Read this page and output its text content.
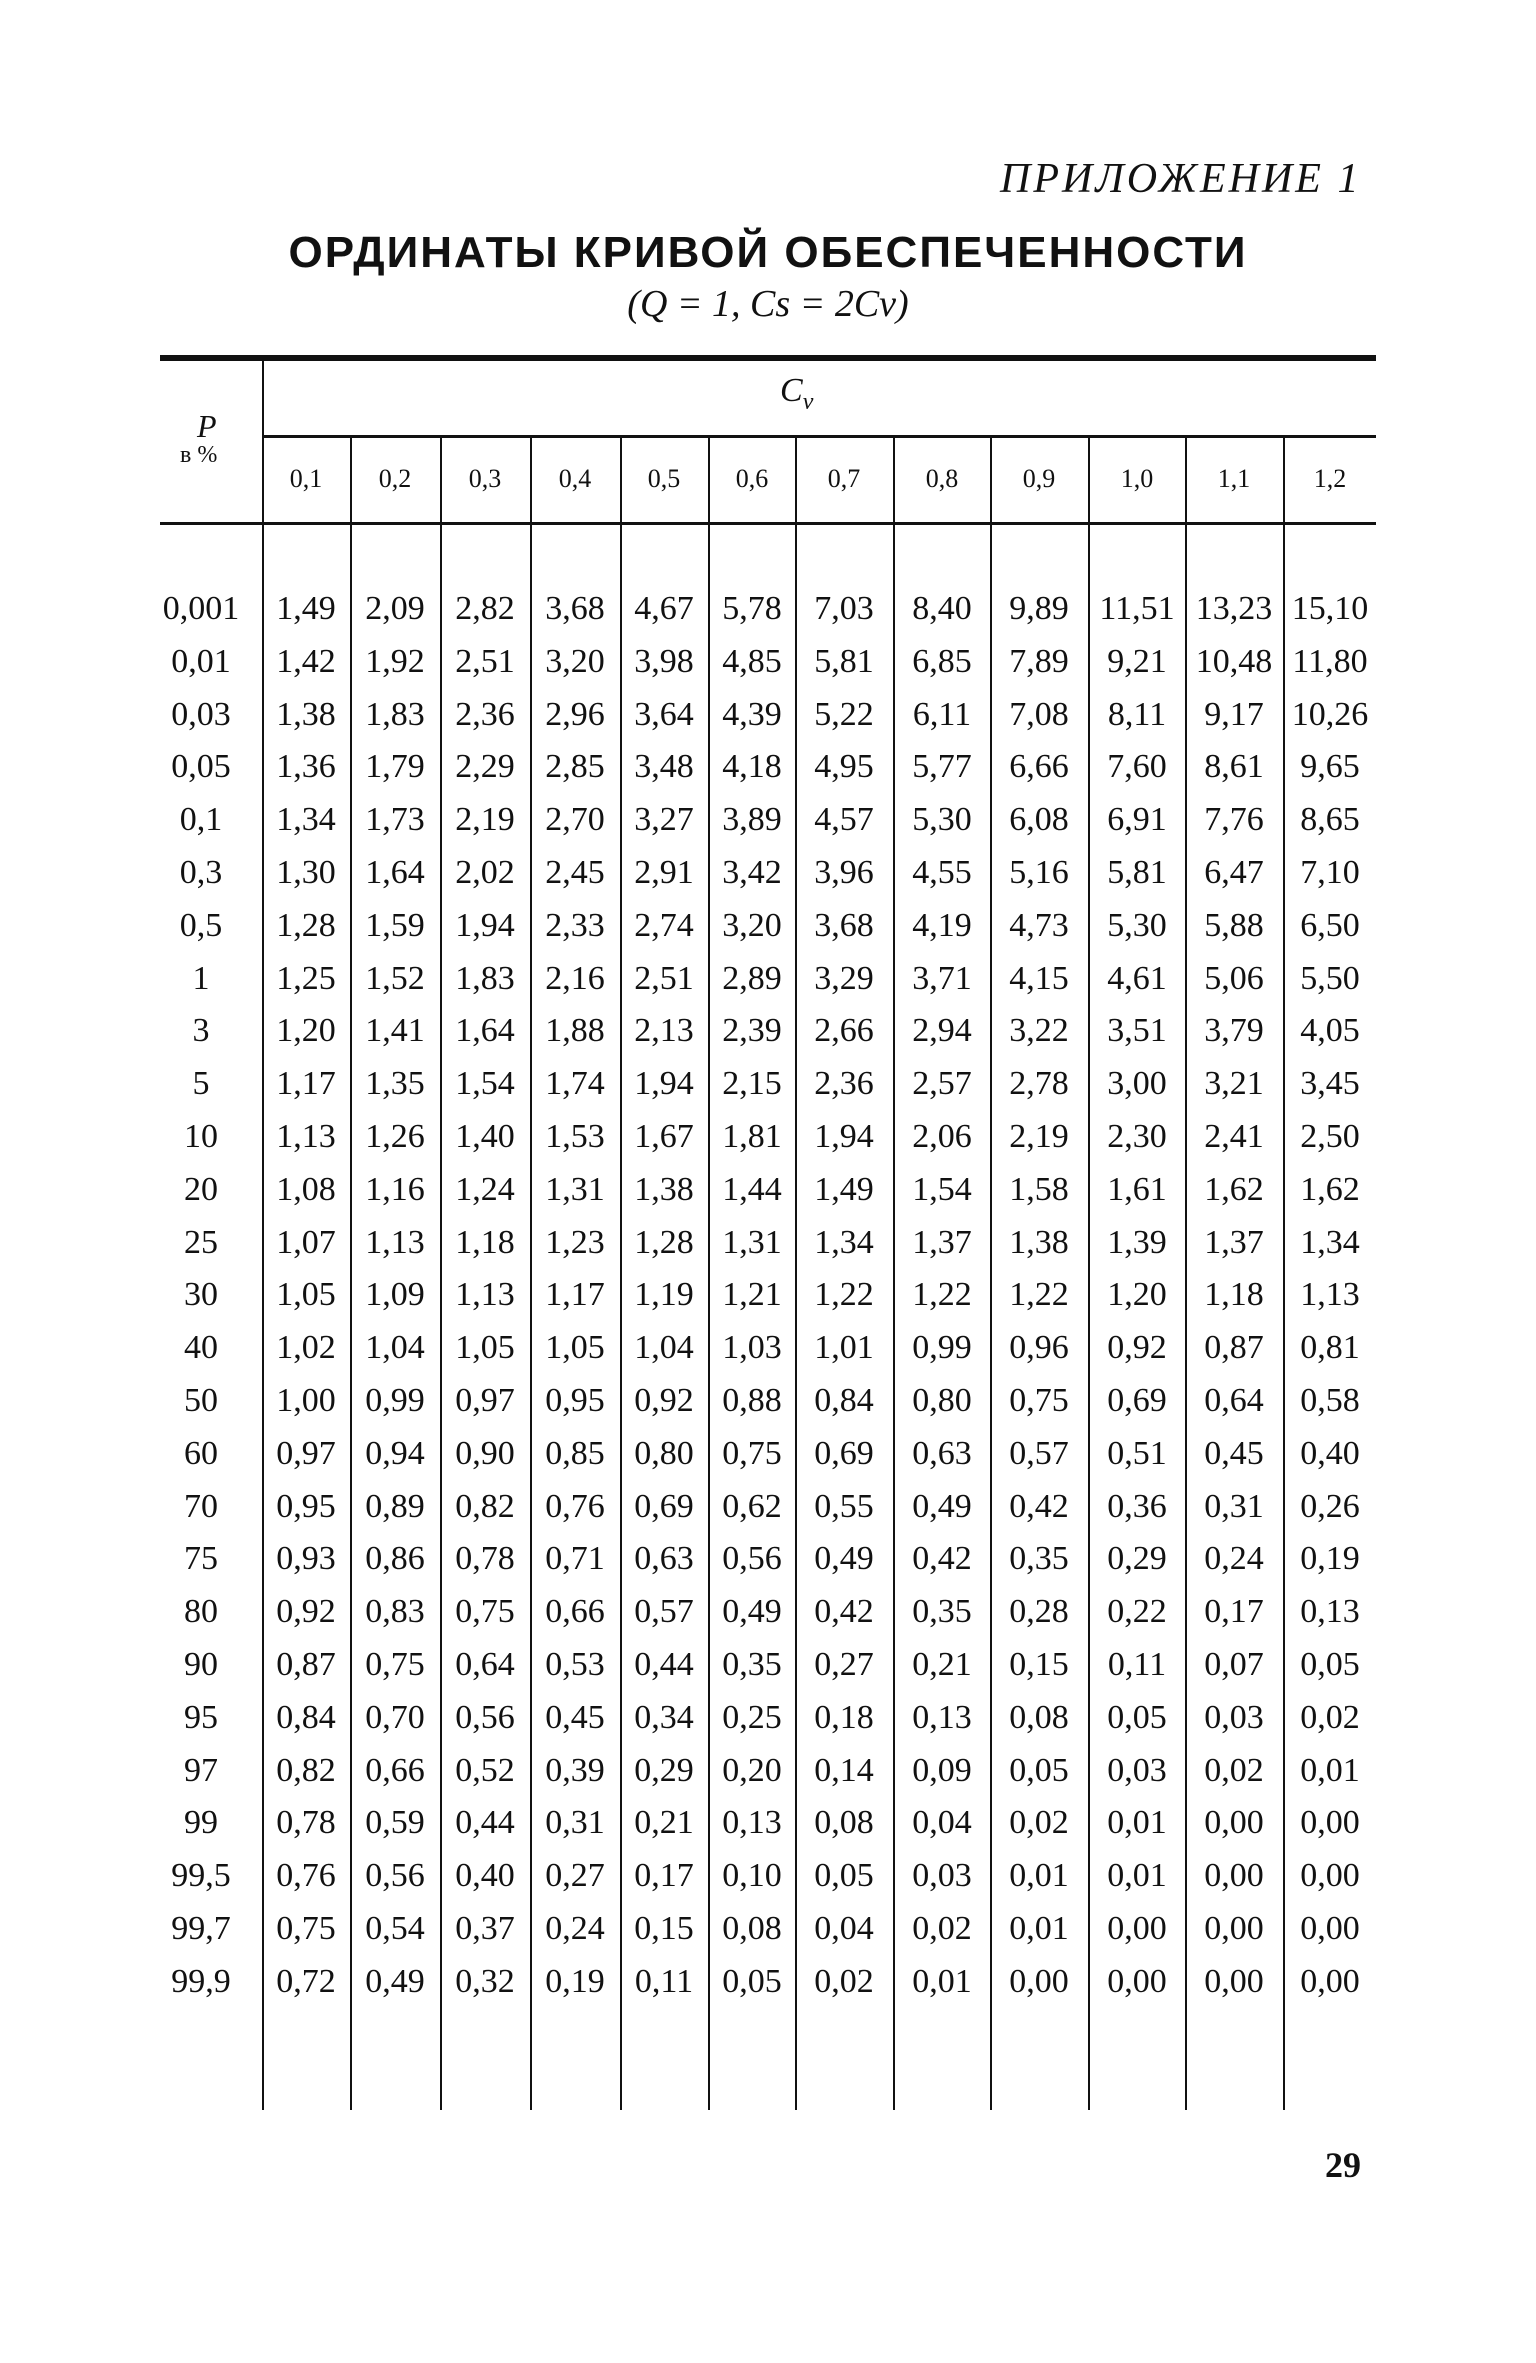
ПРИЛОЖЕНИЕ 1
ОРДИНАТЫ КРИВОЙ ОБЕСПЕЧЕННОСТИ
(Q = 1, Cs = 2Cv)
P
в %
$C_v$
0,1	0,2	0,3	0,4	0,5	0,6	0,7	0,8	0,9	1,0	1,1	1,2
0,001	1,49 2,09 2,82 3,68 4,67 5,78 7,03	8,40	9,89 11,51 13,23 15,10
0,01	1,42 1,92 2,51 3,20 3,98 4,85 5,81	6,85	7,89	9,21 10,48 11,80
0,03	1,38 1,83 2,36 2,96 3,64 4,39 5,22	6,11	7,08	8,11	9,17 10,26
0,05	1,36 1,79 2,29 2,85 3,48 4,18 4,95	5,77	6,66	7,60	8,61	9,65
0,1	1,34 1,73 2,19 2,70 3,27 3,89 4,57	5,30	6,08	6,91	7,76	8,65
0,3	1,30 1,64 2,02 2,45 2,91 3,42 3,96	4,55	5,16	5,81	6,47	7,10
0,5	1,28 1,59 1,94 2,33 2,74 3,20 3,68	4,19	4,73	5,30	5,88	6,50
1	1,25 1,52 1,83 2,16 2,51 2,89 3,29	3,71	4,15	4,61	5,06	5,50
3	1,20 1,41 1,64 1,88 2,13 2,39 2,66	2,94	3,22	3,51	3,79	4,05
5	1,17 1,35 1,54 1,74 1,94 2,15 2,36	2,57	2,78	3,00	3,21	3,45
10	1,13 1,26 1,40 1,53 1,67 1,81 1,94	2,06	2,19	2,30	2,41	2,50
20	1,08 1,16 1,24 1,31 1,38 1,44 1,49	1,54	1,58	1,61	1,62	1,62
25	1,07 1,13 1,18 1,23 1,28 1,31 1,34	1,37	1,38	1,39	1,37	1,34
30	1,05 1,09 1,13 1,17 1,19 1,21 1,22	1,22	1,22	1,20	1,18	1,13
40	1,02 1,04 1,05 1,05 1,04 1,03 1,01	0,99	0,96	0,92	0,87	0,81
50	1,00 0,99 0,97 0,95 0,92 0,88 0,84	0,80	0,75	0,69	0,64	0,58
60	0,97 0,94 0,90 0,85 0,80 0,75 0,69	0,63	0,57	0,51	0,45	0,40
70	0,95 0,89 0,82 0,76 0,69 0,62 0,55	0,49	0,42	0,36	0,31	0,26
75	0,93 0,86 0,78 0,71 0,63 0,56 0,49	0,42	0,35	0,29	0,24	0,19
80	0,92 0,83 0,75 0,66 0,57 0,49 0,42	0,35	0,28	0,22	0,17	0,13
90	0,87 0,75 0,64 0,53 0,44 0,35 0,27	0,21	0,15	0,11	0,07	0,05
95	0,84 0,70 0,56 0,45 0,34 0,25 0,18	0,13	0,08	0,05	0,03	0,02
97	0,82 0,66 0,52 0,39 0,29 0,20 0,14	0,09	0,05	0,03	0,02	0,01
99	0,78 0,59 0,44 0,31 0,21 0,13 0,08	0,04	0,02	0,01	0,00	0,00
99,5	0,76 0,56 0,40 0,27 0,17 0,10 0,05	0,03	0,01	0,01	0,00	0,00
99,7	0,75 0,54 0,37 0,24 0,15 0,08 0,04	0,02	0,01	0,00	0,00	0,00
99,9	0,72 0,49 0,32 0,19 0,11 0,05 0,02	0,01	0,00	0,00	0,00	0,00
29
